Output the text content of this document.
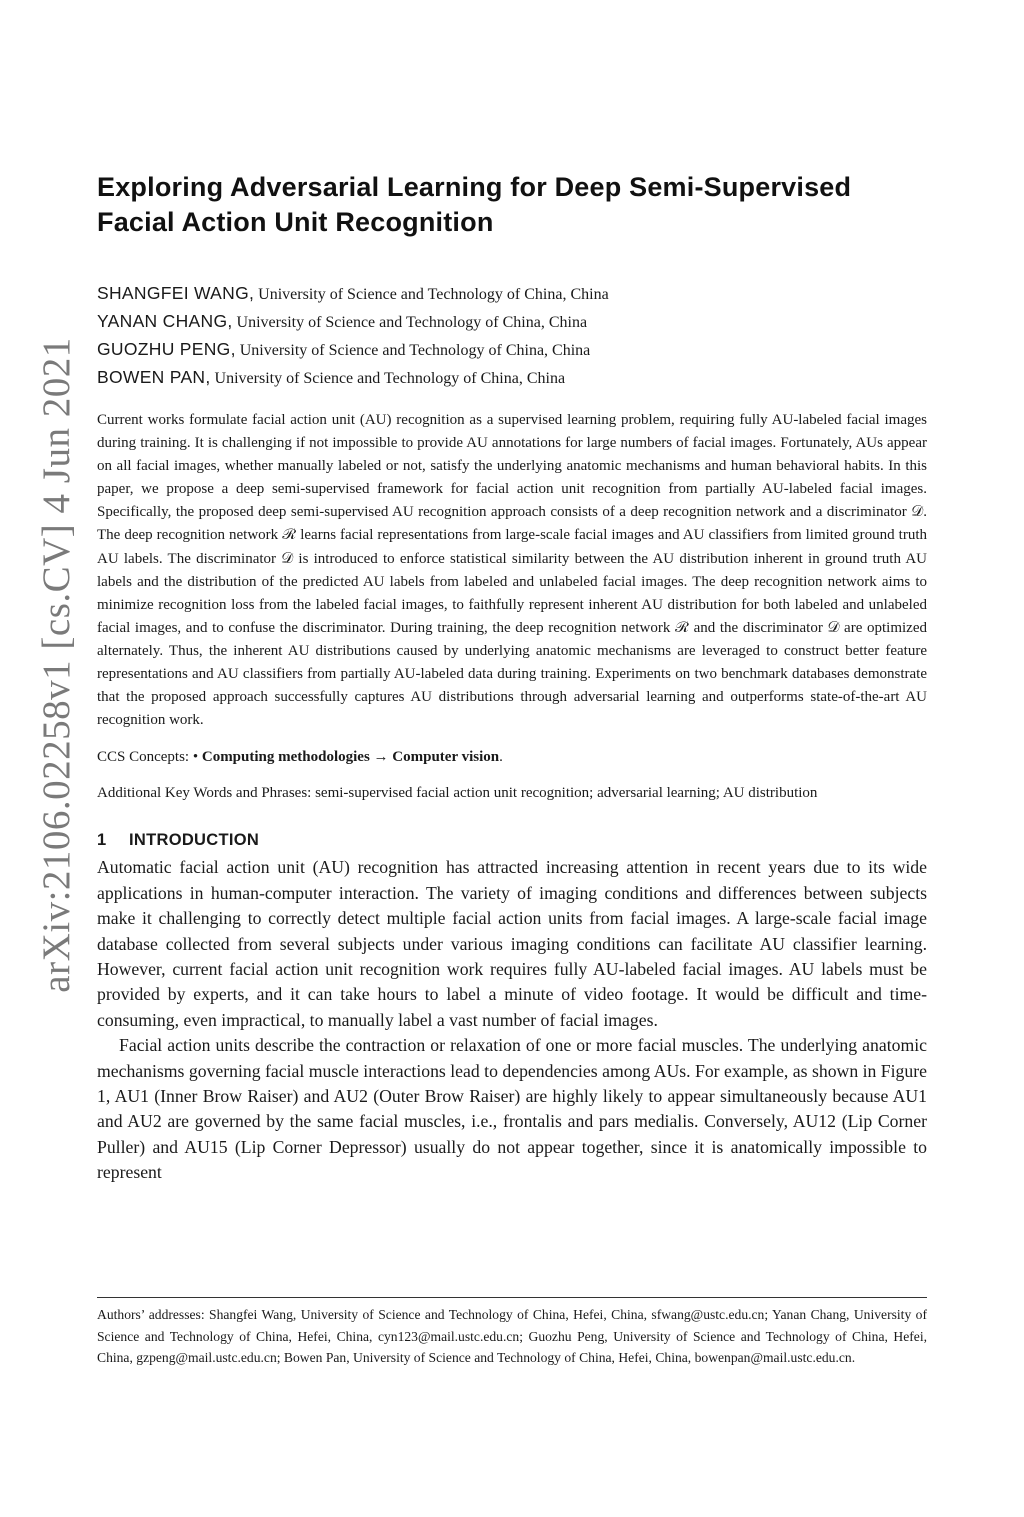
arXiv:2106.02258v1 [cs.CV] 4 Jun 2021
Exploring Adversarial Learning for Deep Semi-Supervised
Facial Action Unit Recognition
SHANGFEI WANG, University of Science and Technology of China, China
YANAN CHANG, University of Science and Technology of China, China
GUOZHU PENG, University of Science and Technology of China, China
BOWEN PAN, University of Science and Technology of China, China

Current works formulate facial action unit (AU) recognition as a supervised learning problem, requiring fully AU-labeled facial images during training. It is challenging if not impossible to provide AU annotations for large numbers of facial images. Fortunately, AUs appear on all facial images, whether manually labeled or not, satisfy the underlying anatomic mechanisms and human behavioral habits. In this paper, we propose a deep semi-supervised framework for facial action unit recognition from partially AU-labeled facial images. Specifically, the proposed deep semi-supervised AU recognition approach consists of a deep recognition network and a discriminator 𝒟. The deep recognition network ℛ learns facial representations from large-scale facial images and AU classifiers from limited ground truth AU labels. The discriminator 𝒟 is introduced to enforce statistical similarity between the AU distribution inherent in ground truth AU labels and the distribution of the predicted AU labels from labeled and unlabeled facial images. The deep recognition network aims to minimize recognition loss from the labeled facial images, to faithfully represent inherent AU distribution for both labeled and unlabeled facial images, and to confuse the discriminator. During training, the deep recognition network ℛ and the discriminator 𝒟 are optimized alternately. Thus, the inherent AU distributions caused by underlying anatomic mechanisms are leveraged to construct better feature representations and AU classifiers from partially AU-labeled data during training. Experiments on two benchmark databases demonstrate that the proposed approach successfully captures AU distributions through adversarial learning and outperforms state-of-the-art AU recognition work.

CCS Concepts: • Computing methodologies → Computer vision.

Additional Key Words and Phrases: semi-supervised facial action unit recognition; adversarial learning; AU distribution

1 INTRODUCTION

Automatic facial action unit (AU) recognition has attracted increasing attention in recent years due to its wide applications in human-computer interaction. The variety of imaging conditions and differences between subjects make it challenging to correctly detect multiple facial action units from facial images. A large-scale facial image database collected from several subjects under various imaging conditions can facilitate AU classifier learning. However, current facial action unit recognition work requires fully AU-labeled facial images. AU labels must be provided by experts, and it can take hours to label a minute of video footage. It would be difficult and time-consuming, even impractical, to manually label a vast number of facial images.

Facial action units describe the contraction or relaxation of one or more facial muscles. The underlying anatomic mechanisms governing facial muscle interactions lead to dependencies among AUs. For example, as shown in Figure 1, AU1 (Inner Brow Raiser) and AU2 (Outer Brow Raiser) are highly likely to appear simultaneously because AU1 and AU2 are governed by the same facial muscles, i.e., frontalis and pars medialis. Conversely, AU12 (Lip Corner Puller) and AU15 (Lip Corner Depressor) usually do not appear together, since it is anatomically impossible to represent

Authors’ addresses: Shangfei Wang, University of Science and Technology of China, Hefei, China, sfwang@ustc.edu.cn; Yanan Chang, University of Science and Technology of China, Hefei, China, cyn123@mail.ustc.edu.cn; Guozhu Peng, University of Science and Technology of China, Hefei, China, gzpeng@mail.ustc.edu.cn; Bowen Pan, University of Science and Technology of China, Hefei, China, bowenpan@mail.ustc.edu.cn.
